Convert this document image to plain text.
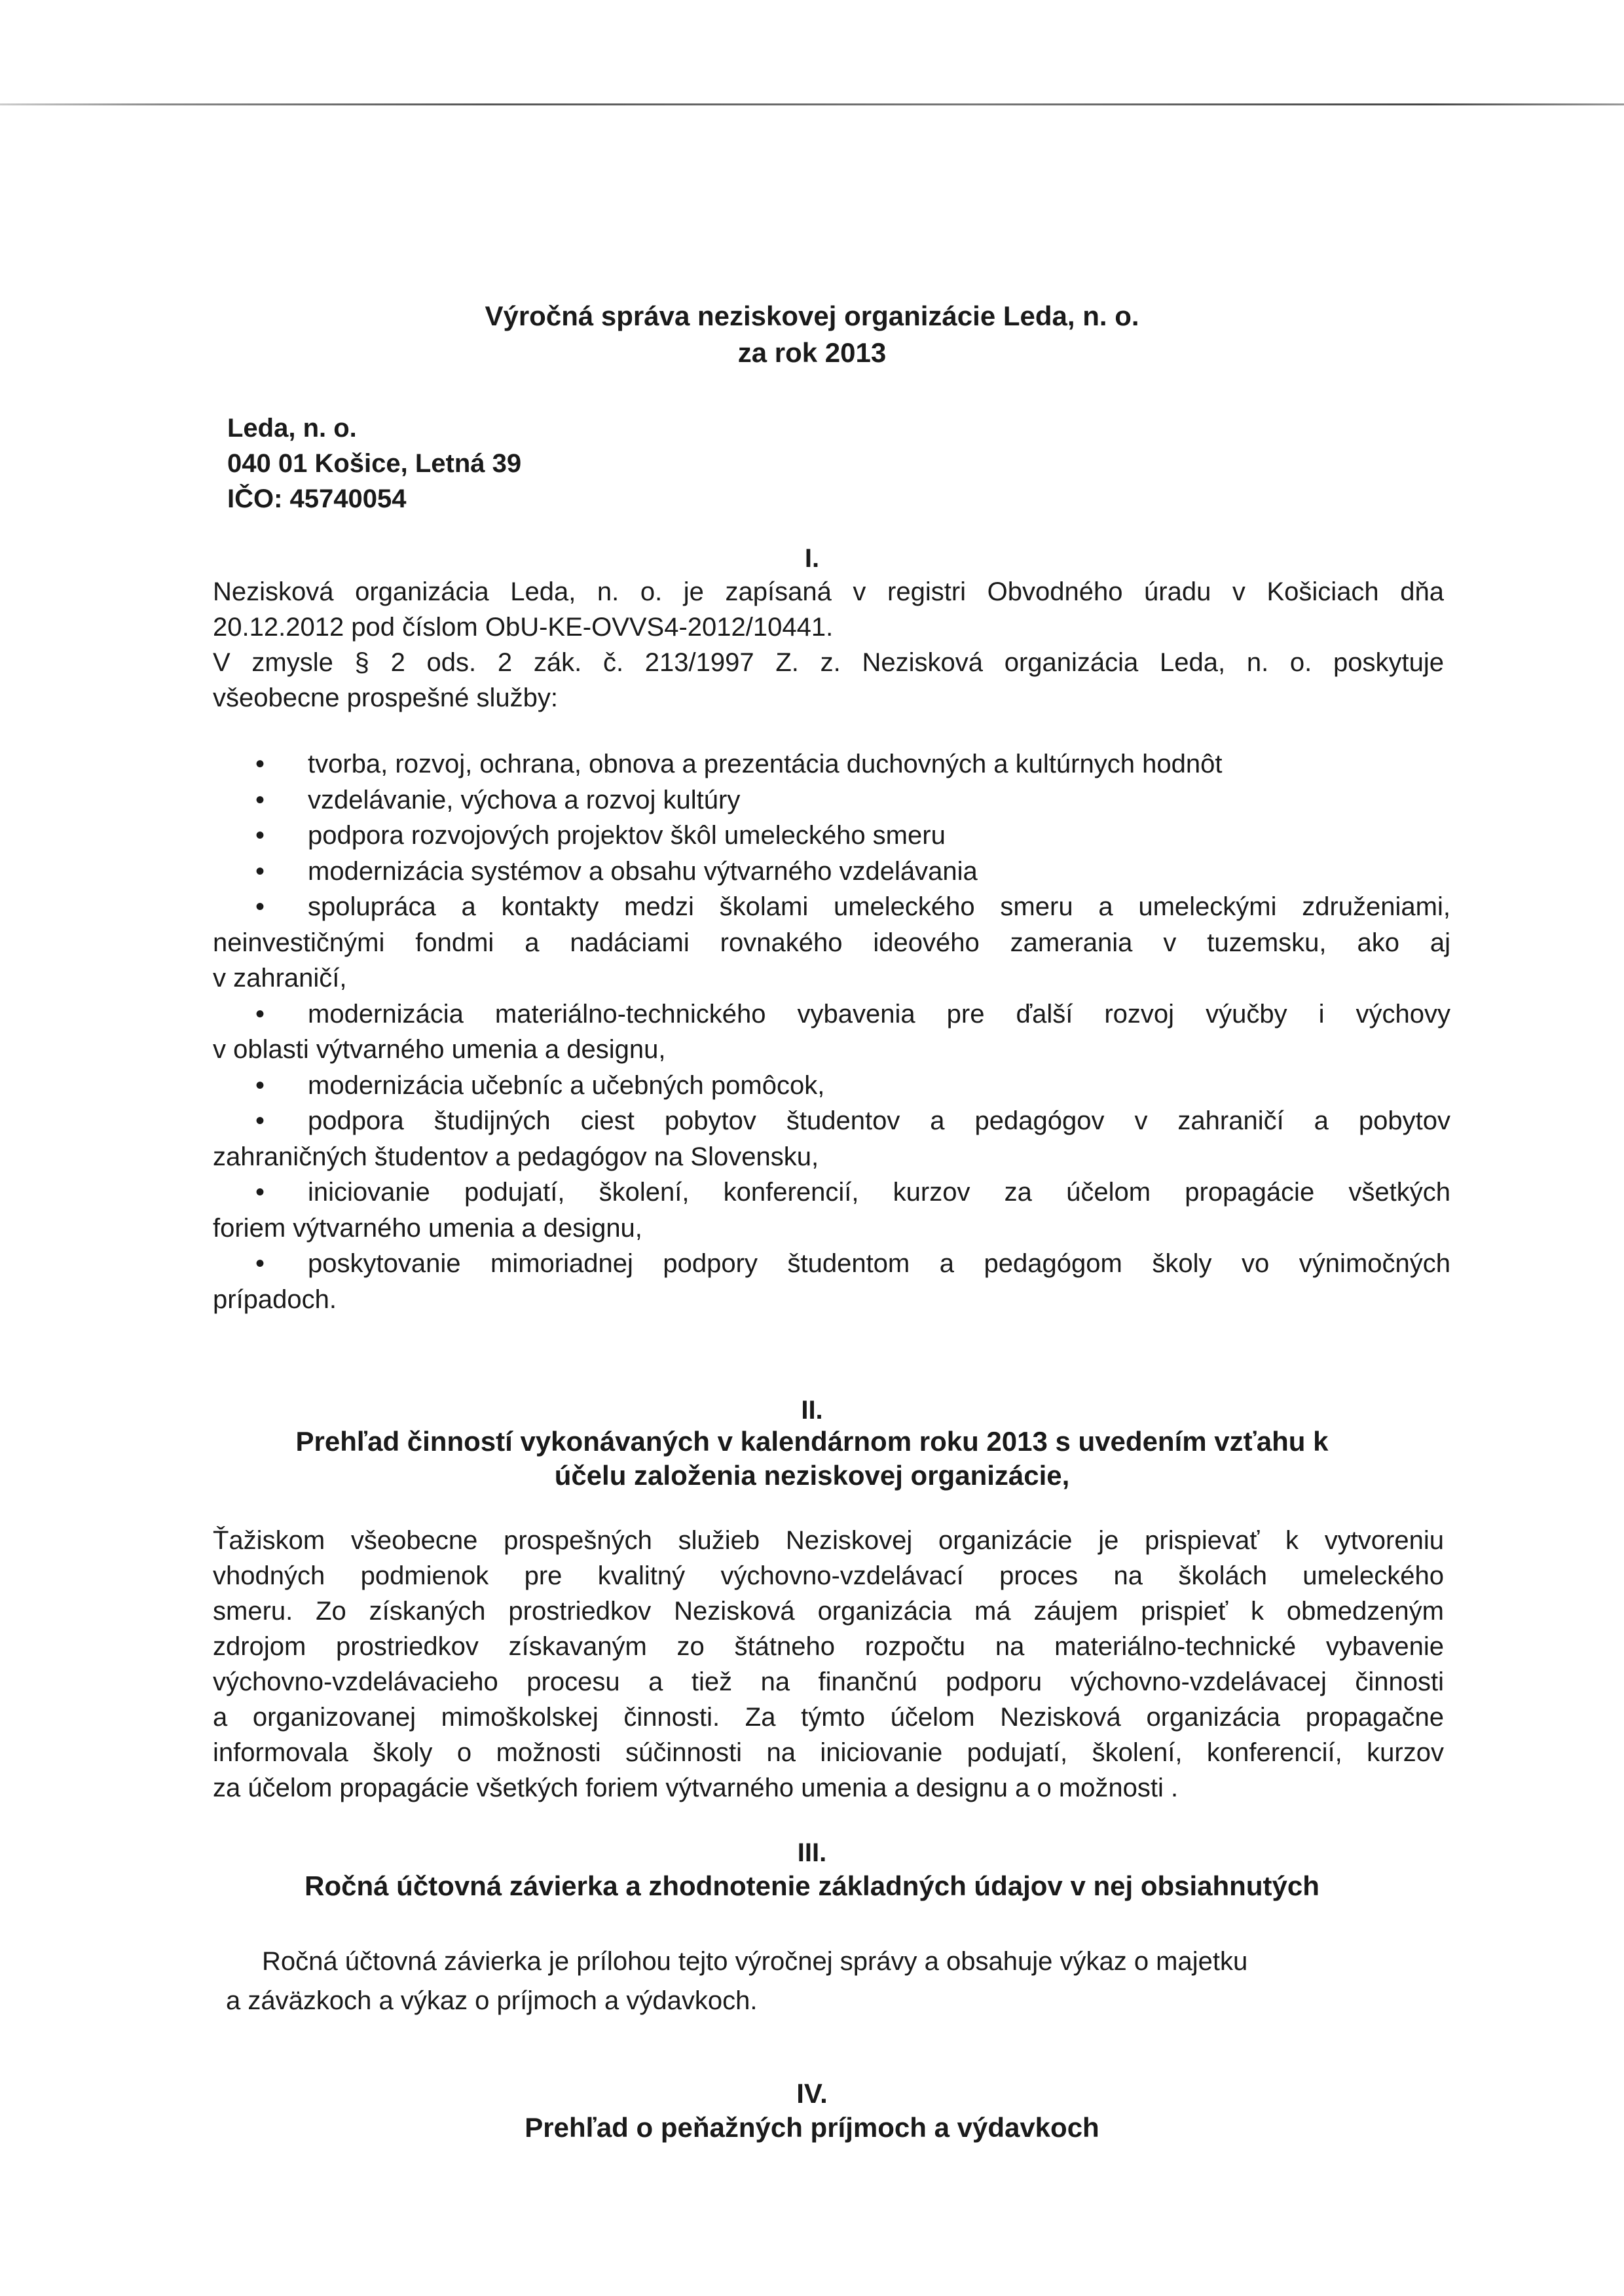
Výročná správa neziskovej organizácie Leda, n. o.
za rok 2013
Leda, n. o.
040 01 Košice, Letná 39
IČO: 45740054
I.
Nezisková organizácia Leda, n. o. je zapísaná v registri Obvodného úradu v Košiciach dňa
20.12.2012 pod číslom ObU-KE-OVVS4-2012/10441.
V zmysle § 2 ods. 2 zák. č. 213/1997 Z. z. Nezisková organizácia Leda, n. o. poskytuje
všeobecne prospešné služby:
• tvorba, rozvoj, ochrana, obnova a prezentácia duchovných a kultúrnych hodnôt
• vzdelávanie, výchova a rozvoj kultúry
• podpora rozvojových projektov škôl umeleckého smeru
• modernizácia systémov a obsahu výtvarného vzdelávania
• spolupráca a kontakty medzi školami umeleckého smeru a umeleckými združeniami,
neinvestičnými fondmi a nadáciami rovnakého ideového zamerania v tuzemsku, ako aj
v zahraničí,
• modernizácia materiálno-technického vybavenia pre ďalší rozvoj výučby i výchovy
v oblasti výtvarného umenia a designu,
• modernizácia učebníc a učebných pomôcok,
• podpora študijných ciest pobytov študentov a pedagógov v zahraničí a pobytov
zahraničných študentov a pedagógov na Slovensku,
• iniciovanie podujatí, školení, konferencií, kurzov za účelom propagácie všetkých
foriem výtvarného umenia a designu,
• poskytovanie mimoriadnej podpory študentom a pedagógom školy vo výnimočných
prípadoch.
II.
Prehľad činností vykonávaných v kalendárnom roku 2013 s uvedením vzťahu k
účelu založenia neziskovej organizácie,
Ťažiskom všeobecne prospešných služieb Neziskovej organizácie je prispievať k vytvoreniu
vhodných podmienok pre kvalitný výchovno-vzdelávací proces na školách umeleckého
smeru. Zo získaných prostriedkov Nezisková organizácia má záujem prispieť k obmedzeným
zdrojom prostriedkov získavaným zo štátneho rozpočtu na materiálno-technické vybavenie
výchovno-vzdelávacieho procesu a tiež na finančnú podporu výchovno-vzdelávacej činnosti
a organizovanej mimoškolskej činnosti. Za týmto účelom Nezisková organizácia propagačne
informovala školy o možnosti súčinnosti na iniciovanie podujatí, školení, konferencií, kurzov
za účelom propagácie všetkých foriem výtvarného umenia a designu a o možnosti .
III.
Ročná účtovná závierka a zhodnotenie základných údajov v nej obsiahnutých
Ročná účtovná závierka je prílohou tejto výročnej správy a obsahuje výkaz o majetku
a záväzkoch a výkaz o príjmoch a výdavkoch.
IV.
Prehľad o peňažných príjmoch a výdavkoch
